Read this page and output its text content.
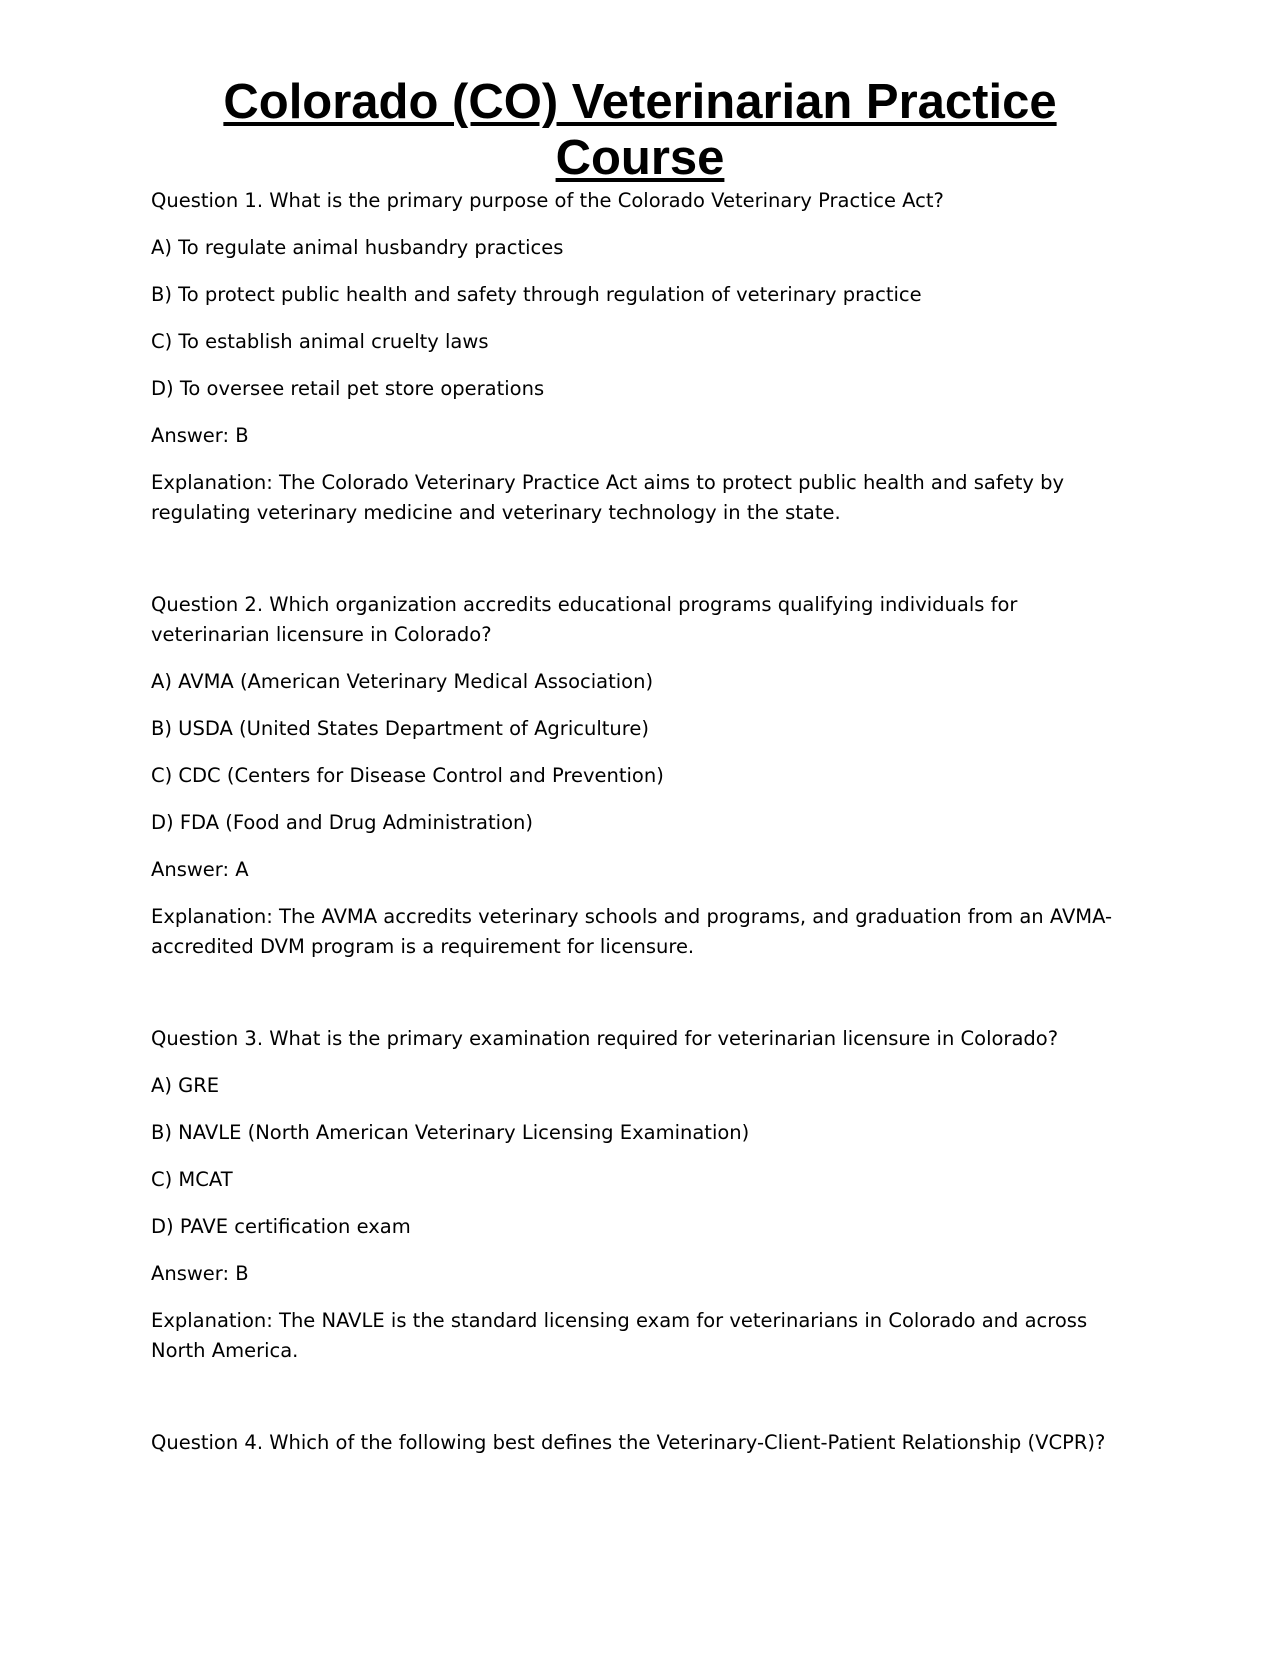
Colorado (CO) Veterinarian Practice Course

Question 1. What is the primary purpose of the Colorado Veterinary Practice Act?

A) To regulate animal husbandry practices

B) To protect public health and safety through regulation of veterinary practice

C) To establish animal cruelty laws

D) To oversee retail pet store operations

Answer: B

Explanation: The Colorado Veterinary Practice Act aims to protect public health and safety by regulating veterinary medicine and veterinary technology in the state.

Question 2. Which organization accredits educational programs qualifying individuals for veterinarian licensure in Colorado?

A) AVMA (American Veterinary Medical Association)

B) USDA (United States Department of Agriculture)

C) CDC (Centers for Disease Control and Prevention)

D) FDA (Food and Drug Administration)

Answer: A

Explanation: The AVMA accredits veterinary schools and programs, and graduation from an AVMA-accredited DVM program is a requirement for licensure.

Question 3. What is the primary examination required for veterinarian licensure in Colorado?

A) GRE

B) NAVLE (North American Veterinary Licensing Examination)

C) MCAT

D) PAVE certification exam

Answer: B

Explanation: The NAVLE is the standard licensing exam for veterinarians in Colorado and across North America.

Question 4. Which of the following best defines the Veterinary-Client-Patient Relationship (VCPR)?
